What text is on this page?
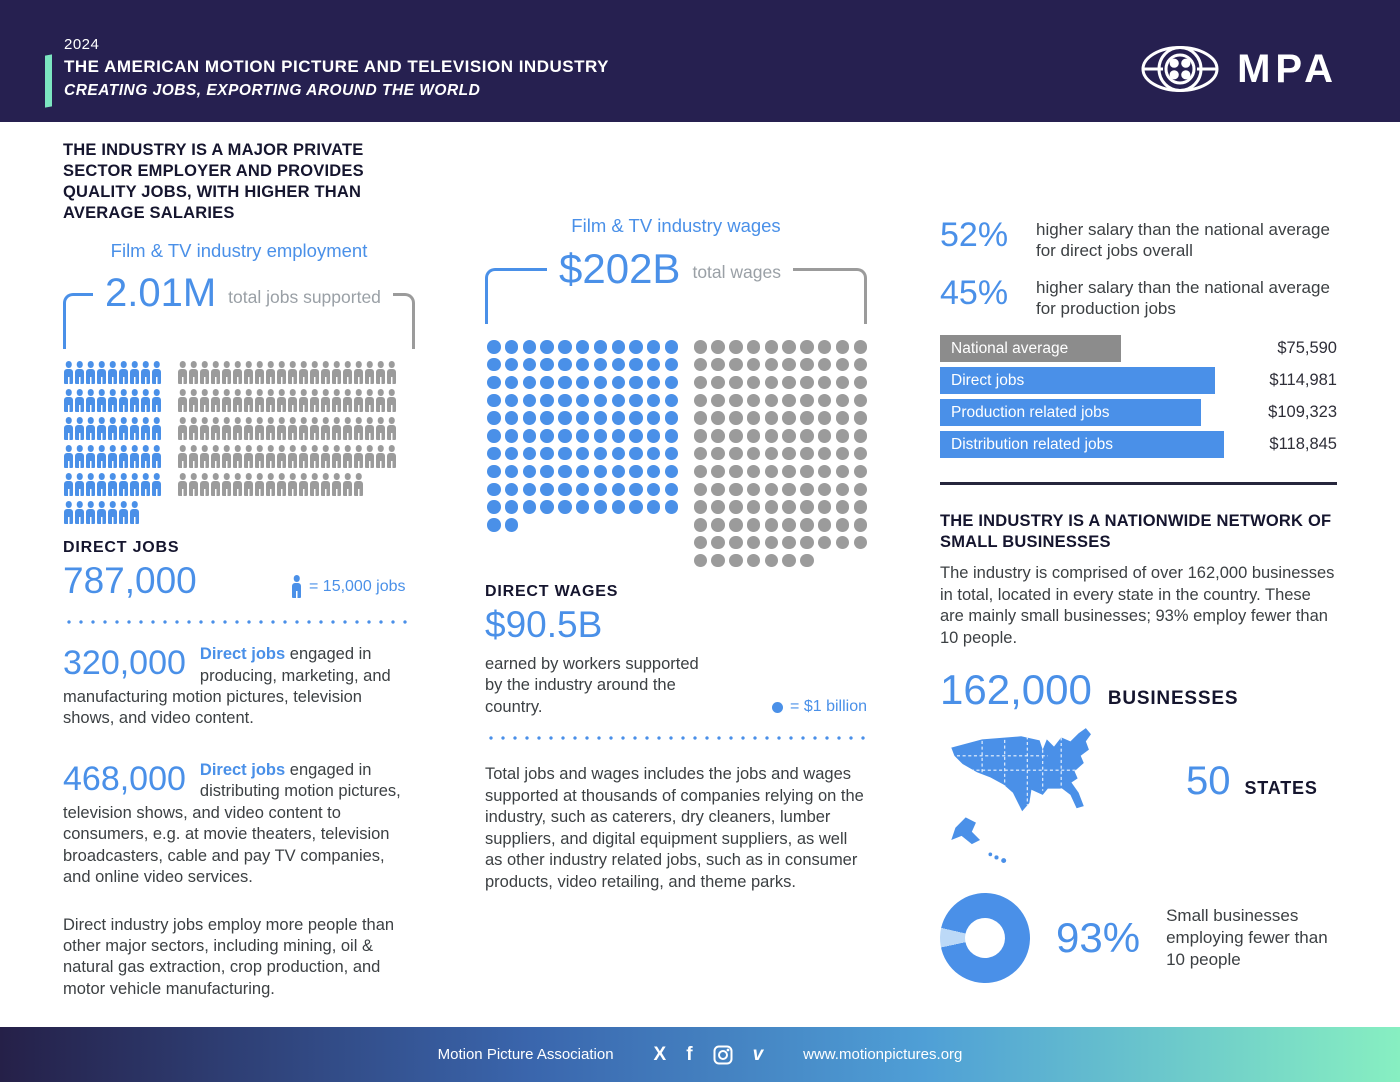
2024
THE AMERICAN MOTION PICTURE AND TELEVISION INDUSTRY
CREATING JOBS, EXPORTING AROUND THE WORLD	MPA
THE INDUSTRY IS A MAJOR PRIVATE SECTOR EMPLOYER AND PROVIDES QUALITY JOBS, WITH HIGHER THAN AVERAGE SALARIES
Film & TV industry employment
2.01M total jobs supported
DIRECT JOBS
787,000	= 15,000 jobs
320,000 Direct jobs engaged in producing, marketing, and manufacturing motion pictures, television shows, and video content.
468,000 Direct jobs engaged in distributing motion pictures, television shows, and video content to consumers, e.g. at movie theaters, television broadcasters, cable and pay TV companies, and online video services.
Direct industry jobs employ more people than other major sectors, including mining, oil & natural gas extraction, crop production, and motor vehicle manufacturing.
Film & TV industry wages
$202B total wages
DIRECT WAGES
$90.5B
earned by workers supported by the industry around the country.	= $1 billion
Total jobs and wages includes the jobs and wages supported at thousands of companies relying on the industry, such as caterers, dry cleaners, lumber suppliers, and digital equipment suppliers, as well as other industry related jobs, such as in consumer products, video retailing, and theme parks.
52%	higher salary than the national average for direct jobs overall
45%	higher salary than the national average for production jobs
National average	$75,590
Direct jobs	$114,981
Production related jobs	$109,323
Distribution related jobs	$118,845
THE INDUSTRY IS A NATIONWIDE NETWORK OF SMALL BUSINESSES
The industry is comprised of over 162,000 businesses in total, located in every state in the country. These are mainly small businesses; 93% employ fewer than 10 people.
162,000 BUSINESSES
50 STATES
93% Small businesses employing fewer than 10 people
Motion Picture Association X f	v	www.motionpictures.org
